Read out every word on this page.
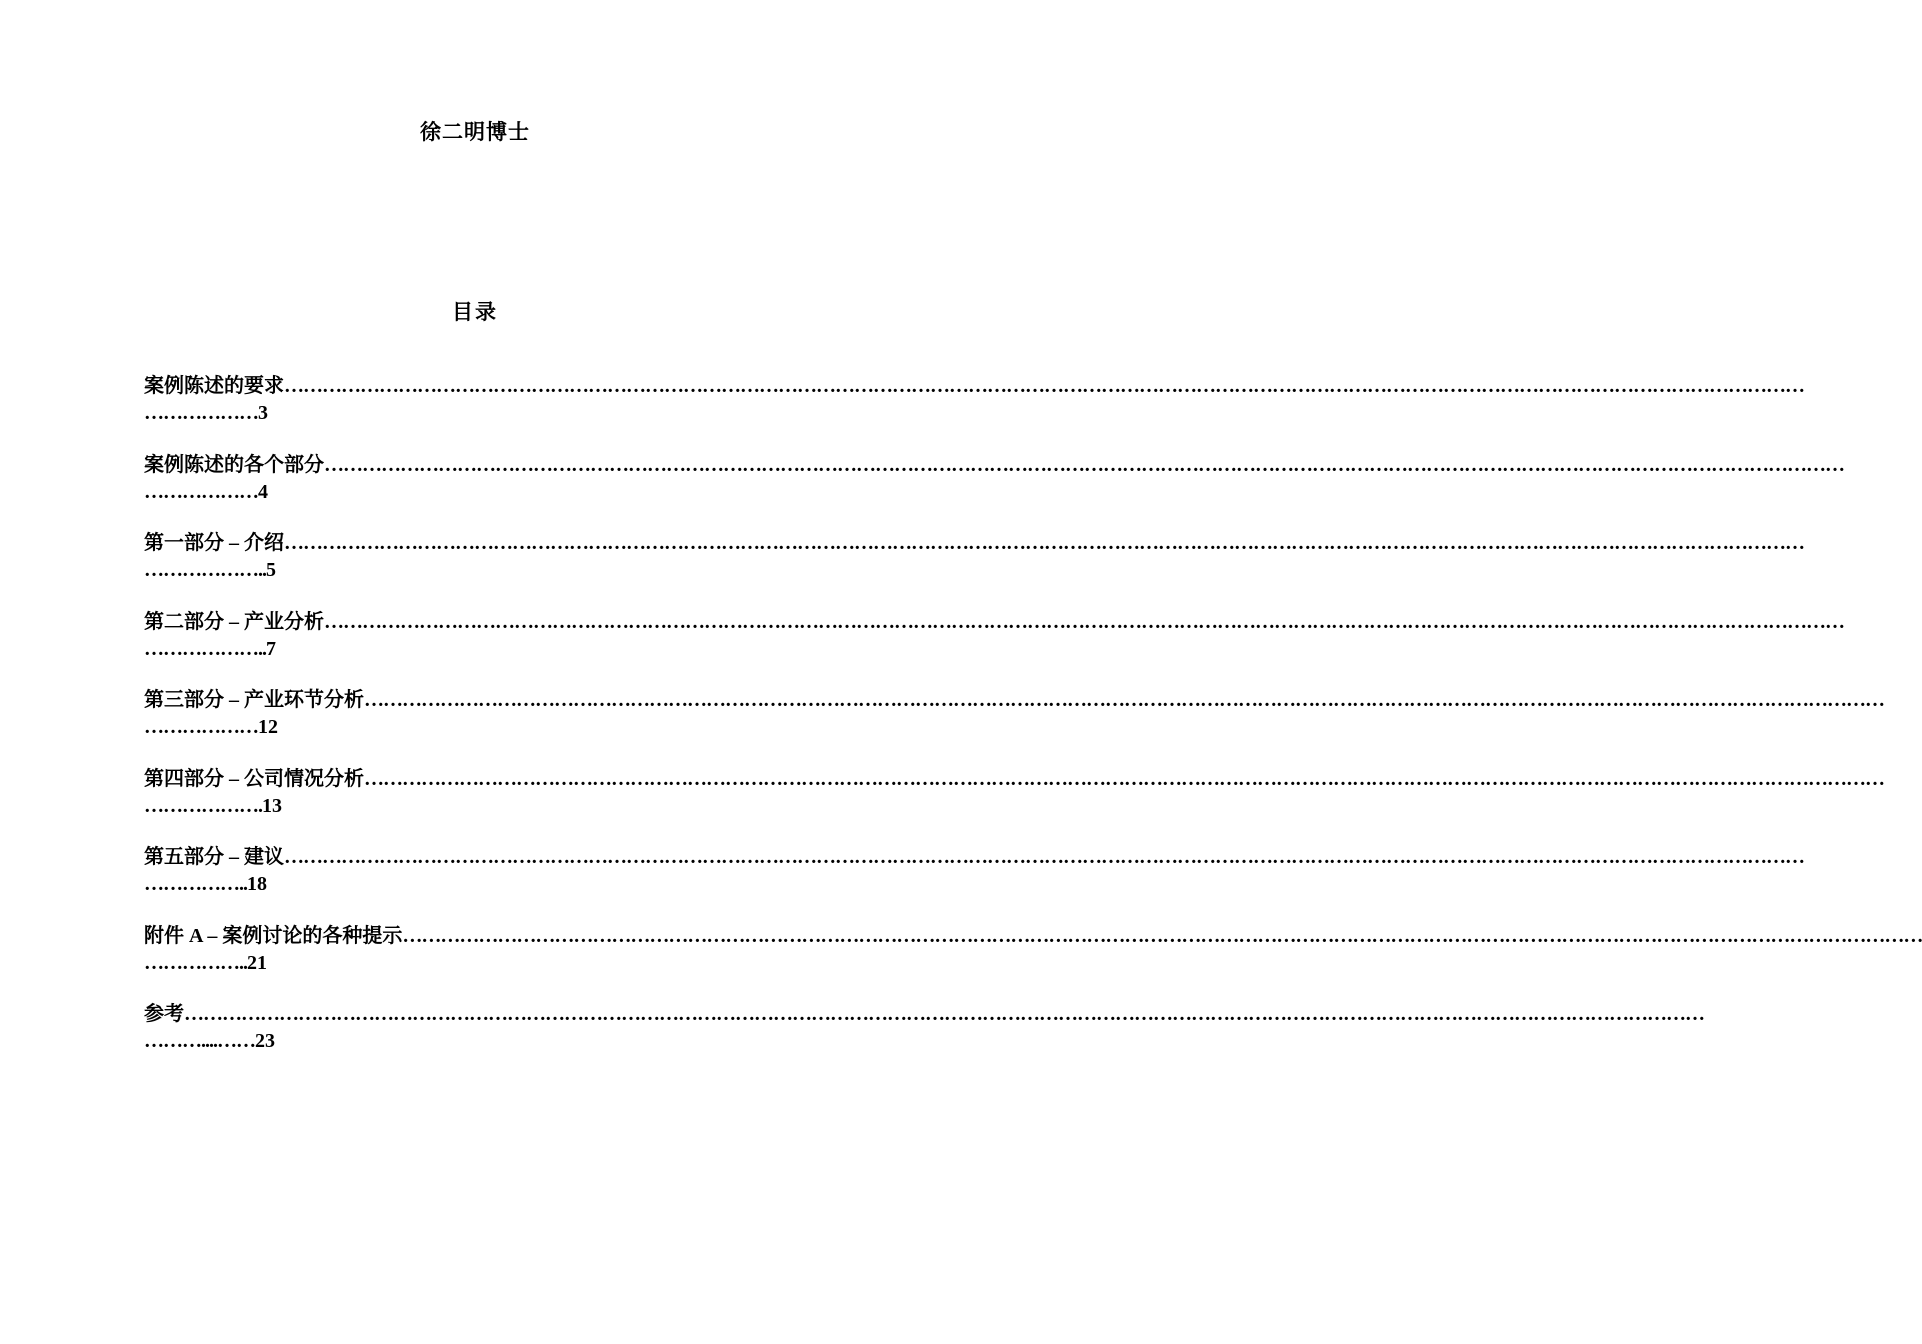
徐二明博士
目录
案例陈述的要求 ……………………………………………………………………………………………………………………………………………………………………………………………………………………
………………3
案例陈述的各个部分 ……………………………………………………………………………………………………………………………………………………………………………………………………………………
………………4
第一部分 – 介绍 ……………………………………………………………………………………………………………………………………………………………………………………………………………………
………………..5
第二部分 – 产业分析 ……………………………………………………………………………………………………………………………………………………………………………………………………………………
………………..7
第三部分 – 产业环节分析 ……………………………………………………………………………………………………………………………………………………………………………………………………………………
………………12
第四部分 – 公司情况分析 ……………………………………………………………………………………………………………………………………………………………………………………………………………………
……………….13
第五部分 – 建议 ……………………………………………………………………………………………………………………………………………………………………………………………………………………
……………..18
附件 A – 案例讨论的各种提示 ……………………………………………………………………………………………………………………………………………………………………………………………………………………
……………..21
参考 ……………………………………………………………………………………………………………………………………………………………………………………………………………………
………....……23
